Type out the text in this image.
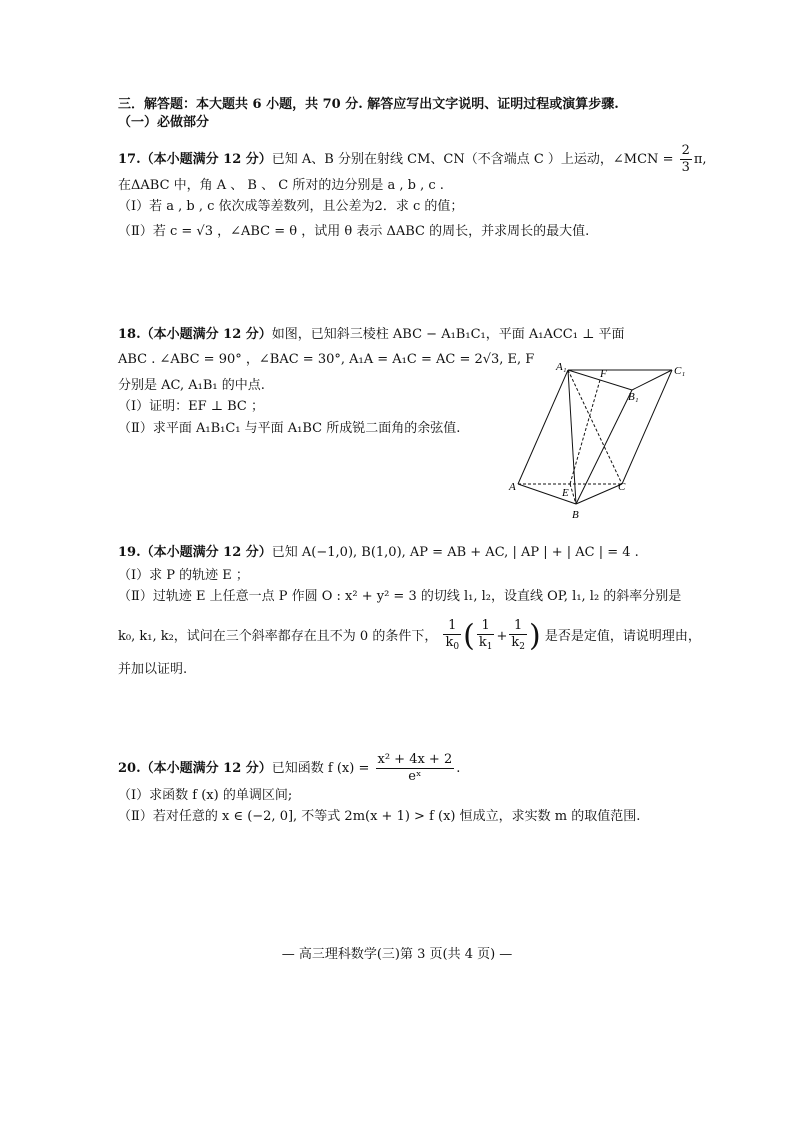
三．解答题：本大题共 6 小题，共 70 分. 解答应写出文字说明、证明过程或演算步骤.
（一）必做部分
17.（本小题满分 12 分）已知 A、B 分别在射线 CM、CN（不含端点 C ）上运动，∠MCN = $\frac{2}{3} \pi$,
在ΔABC 中，角 A 、 B 、 C 所对的边分别是 a , b , c .
（Ⅰ）若 a , b , c 依次成等差数列，且公差为2．求 c 的值；
（Ⅱ）若 c = √3 ，∠ABC = θ ，试用 θ 表示 ΔABC 的周长，并求周长的最大值.
18.（本小题满分 12 分）如图，已知斜三棱柱 ABC − A₁B₁C₁，平面 A₁ACC₁ ⊥ 平面
ABC . ∠ABC = 90° ，∠BAC = 30°, A₁A = A₁C = AC = 2√3, E, F
分别是 AC, A₁B₁ 的中点.
（Ⅰ）证明：EF ⊥ BC ；
（Ⅱ）求平面 A₁B₁C₁ 与平面 A₁BC 所成锐二面角的余弦值.
A₁
F	C₁
B₁
A	E	C
B
19.（本小题满分 12 分）已知 A(−1,0), B(1,0), AP = AB + AC, | AP | + | AC | = 4 .
（Ⅰ）求 P 的轨迹 E ；
（Ⅱ）过轨迹 E 上任意一点 P 作圆 O : x² + y² = 3 的切线 l₁, l₂，设直线 OP, l₁, l₂ 的斜率分别是
k₀, k₁, k₂，试问在三个斜率都存在且不为 0 的条件下， $\frac{1}{k_0}$ ( $\frac{1}{k_1} + \frac{1}{k_2}$ ) 是否是定值，请说明理由，
并加以证明.
20.（本小题满分 12 分）已知函数 f $(x) = \frac{\text{x² + 4x + 2}}{\text{eˣ}}$ .
（Ⅰ）求函数 f (x) 的单调区间;
（Ⅱ）若对任意的 x ∈ (−2, 0], 不等式 2m(x + 1) > f (x) 恒成立，求实数 m 的取值范围.
— 高三理科数学(三)第 3 页(共 4 页) —
